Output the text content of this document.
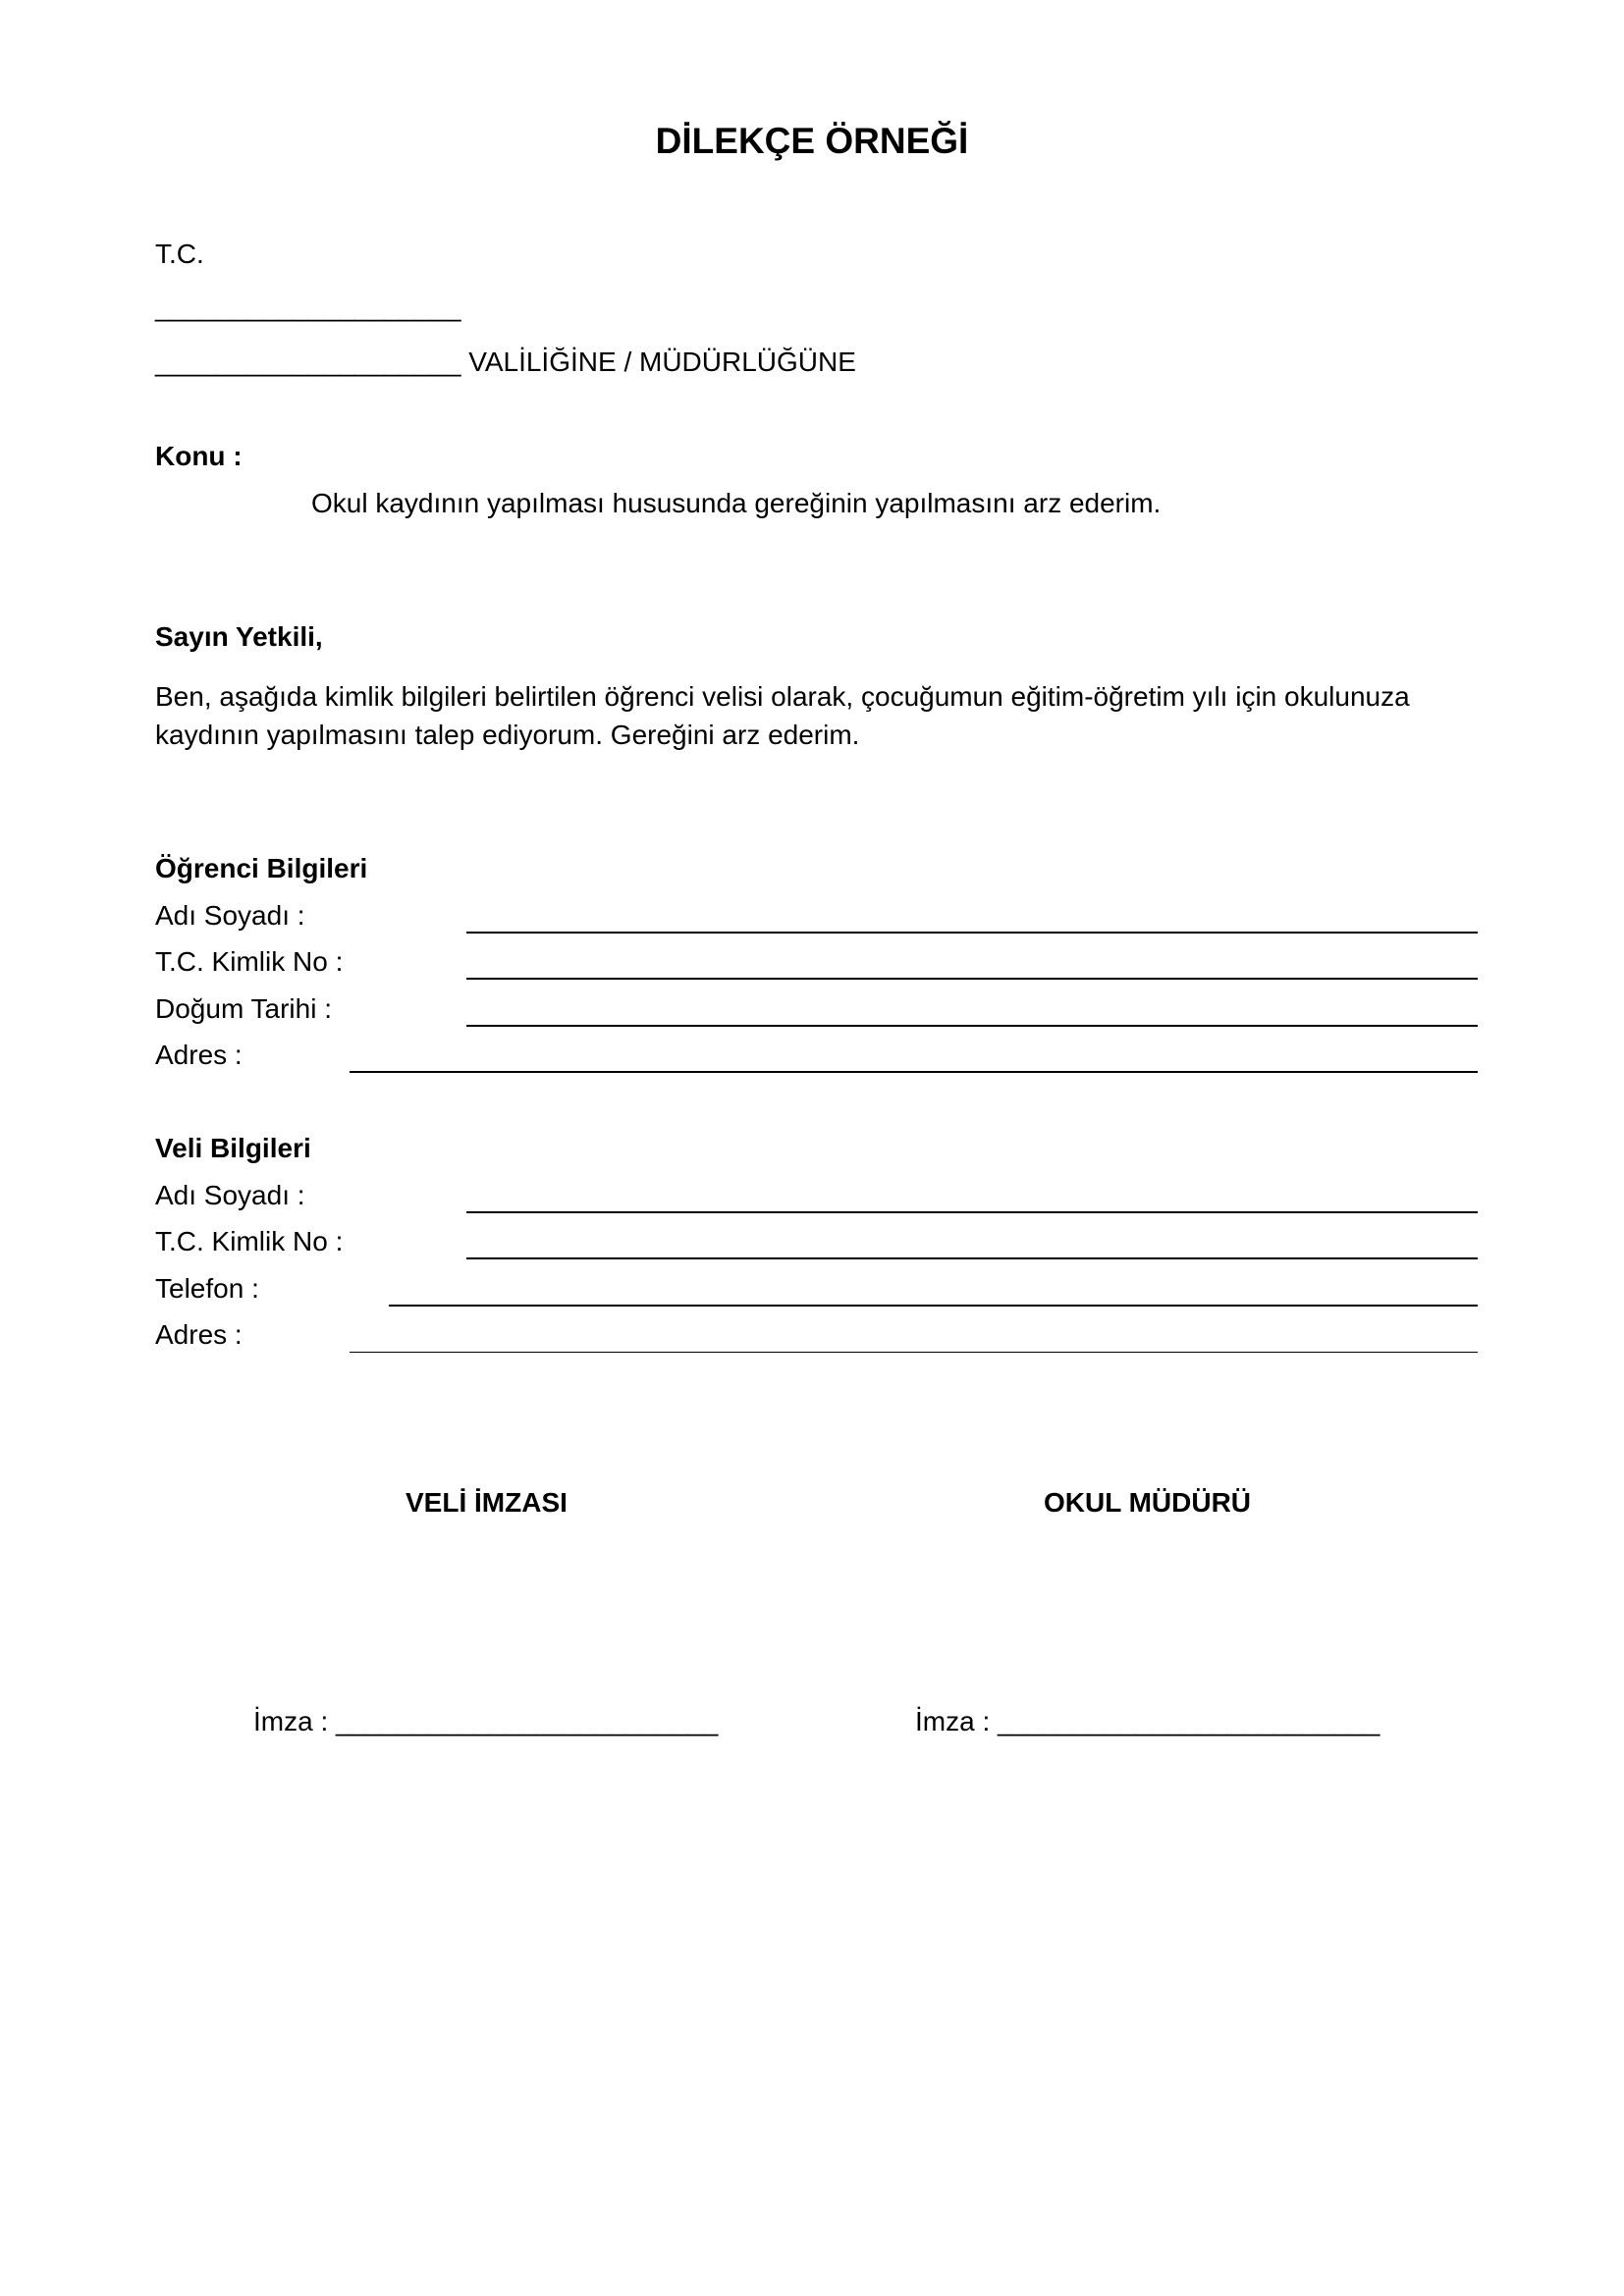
DİLEKÇE ÖRNEĞİ
T.C.
____________________
____________________ VALİLİĞİNE / MÜDÜRLÜĞÜNE
Konu :
Okul kaydının yapılması hususunda gereğinin yapılmasını arz ederim.
Sayın Yetkili,
Ben, aşağıda kimlik bilgileri belirtilen öğrenci velisi olarak, çocuğumun eğitim-öğretim yılı için okulunuza
kaydının yapılmasını talep ediyorum. Gereğini arz ederim.
Öğrenci Bilgileri
Adı Soyadı :
T.C. Kimlik No :
Doğum Tarihi :
Adres :
Veli Bilgileri
Adı Soyadı :
T.C. Kimlik No :
Telefon :
Adres :
VELİ İMZASI	OKUL MÜDÜRÜ
İmza : _________________________	İmza : _________________________
